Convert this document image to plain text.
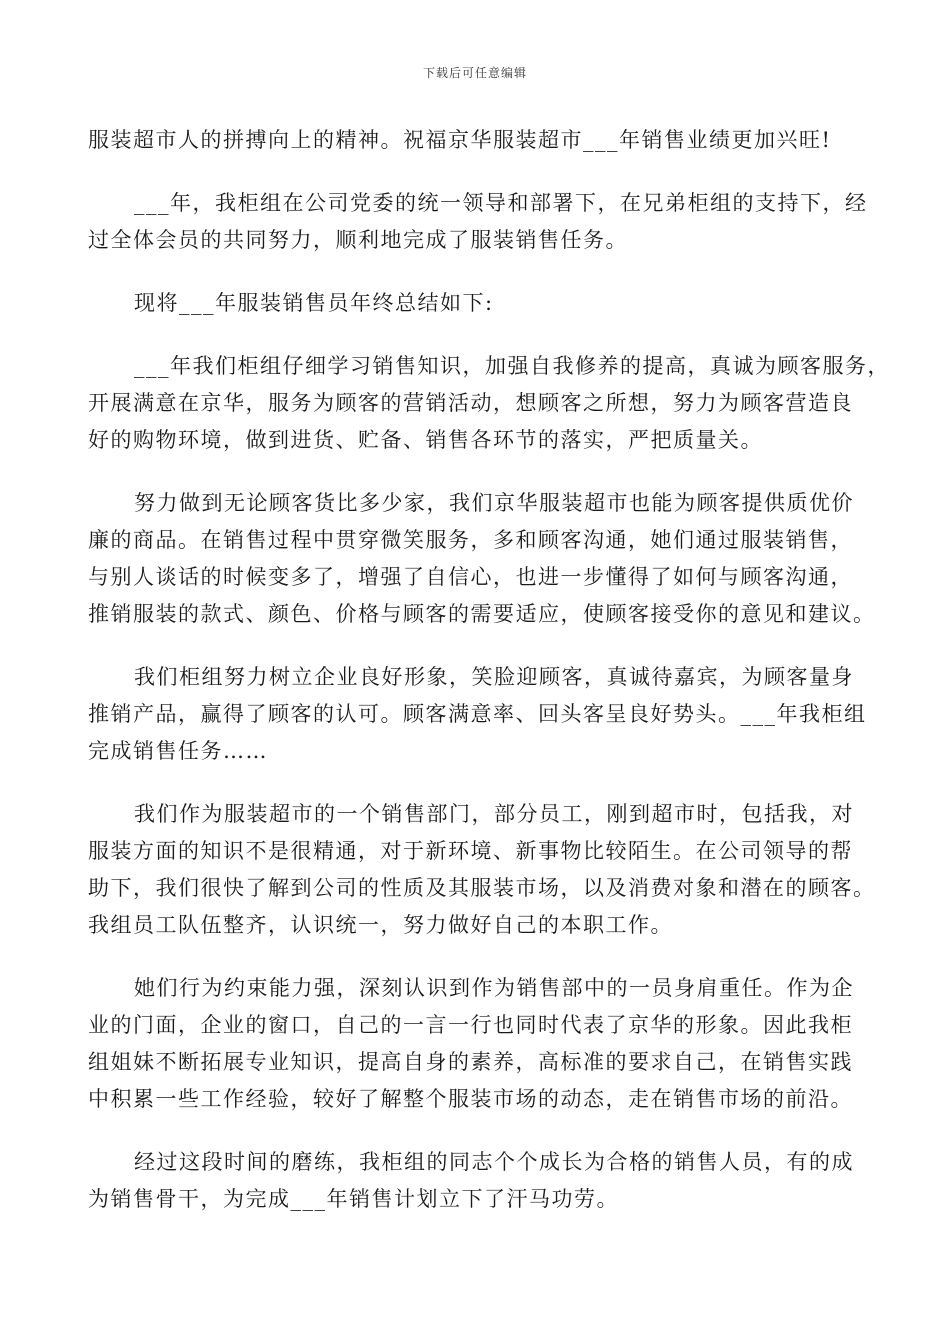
下载后可任意编辑
服装超市人的拼搏向上的精神。祝福京华服装超市___年销售业绩更加兴旺!
___年，我柜组在公司党委的统一领导和部署下，在兄弟柜组的支持下，经
过全体会员的共同努力，顺利地完成了服装销售任务。
现将___年服装销售员年终总结如下:
___年我们柜组仔细学习销售知识，加强自我修养的提高，真诚为顾客服务，
开展满意在京华，服务为顾客的营销活动，想顾客之所想，努力为顾客营造良
好的购物环境，做到进货、贮备、销售各环节的落实，严把质量关。
努力做到无论顾客货比多少家，我们京华服装超市也能为顾客提供质优价
廉的商品。在销售过程中贯穿微笑服务，多和顾客沟通，她们通过服装销售，
与别人谈话的时候变多了，增强了自信心，也进一步懂得了如何与顾客沟通，
推销服装的款式、颜色、价格与顾客的需要适应，使顾客接受你的意见和建议。
我们柜组努力树立企业良好形象，笑脸迎顾客，真诚待嘉宾，为顾客量身
推销产品，赢得了顾客的认可。顾客满意率、回头客呈良好势头。___年我柜组
完成销售任务……
我们作为服装超市的一个销售部门，部分员工，刚到超市时，包括我，对
服装方面的知识不是很精通，对于新环境、新事物比较陌生。在公司领导的帮
助下，我们很快了解到公司的性质及其服装市场，以及消费对象和潜在的顾客。
我组员工队伍整齐，认识统一，努力做好自己的本职工作。
她们行为约束能力强，深刻认识到作为销售部中的一员身肩重任。作为企
业的门面，企业的窗口，自己的一言一行也同时代表了京华的形象。因此我柜
组姐妹不断拓展专业知识，提高自身的素养，高标准的要求自己，在销售实践
中积累一些工作经验，较好了解整个服装市场的动态，走在销售市场的前沿。
经过这段时间的磨练，我柜组的同志个个成长为合格的销售人员，有的成
为销售骨干，为完成___年销售计划立下了汗马功劳。
